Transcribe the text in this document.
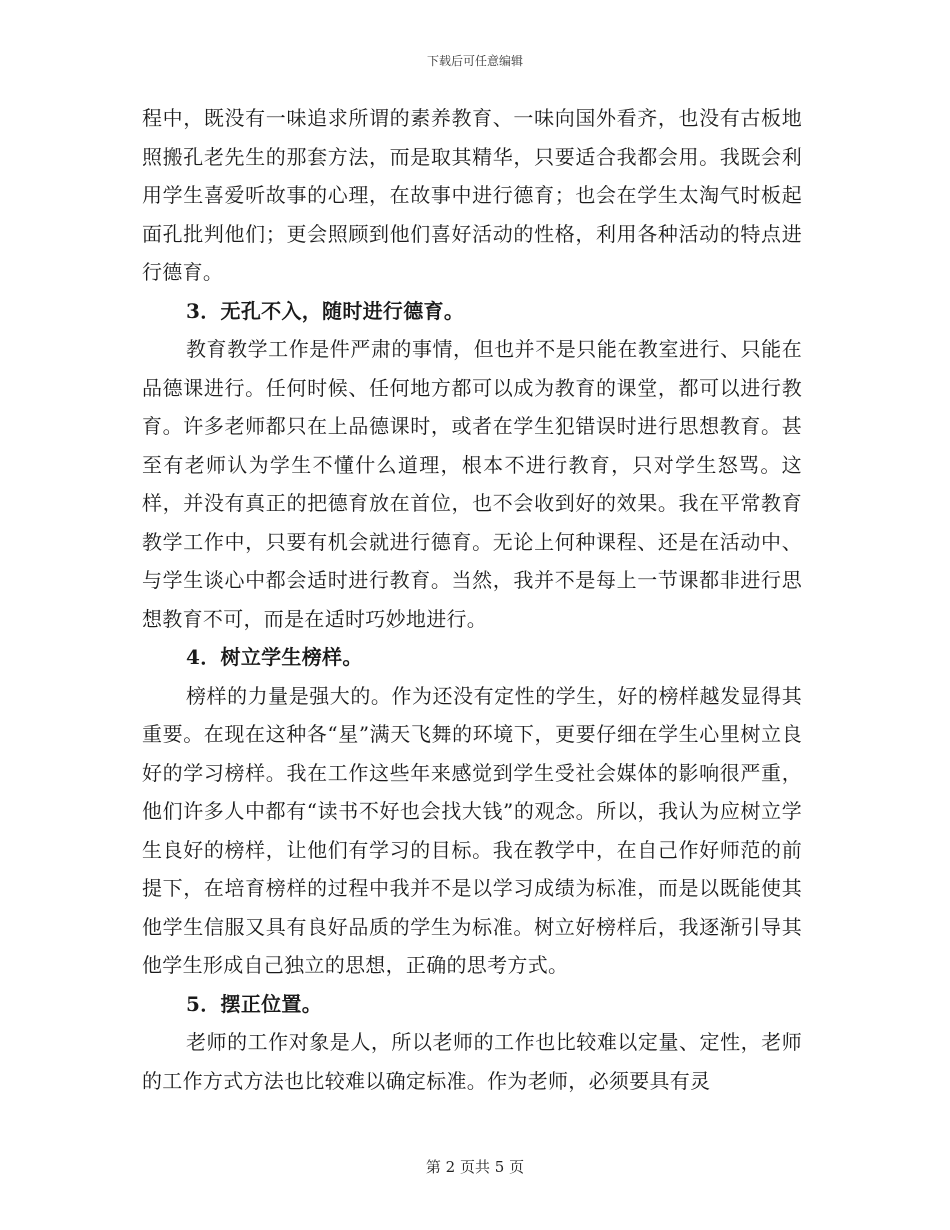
下载后可任意编辑

程中，既没有一味追求所谓的素养教育、一味向国外看齐，也没有古板地照搬孔老先生的那套方法，而是取其精华，只要适合我都会用。我既会利用学生喜爱听故事的心理，在故事中进行德育；也会在学生太淘气时板起面孔批判他们；更会照顾到他们喜好活动的性格，利用各种活动的特点进行德育。

3．无孔不入，随时进行德育。

教育教学工作是件严肃的事情，但也并不是只能在教室进行、只能在品德课进行。任何时候、任何地方都可以成为教育的课堂，都可以进行教育。许多老师都只在上品德课时，或者在学生犯错误时进行思想教育。甚至有老师认为学生不懂什么道理，根本不进行教育，只对学生怒骂。这样，并没有真正的把德育放在首位，也不会收到好的效果。我在平常教育教学工作中，只要有机会就进行德育。无论上何种课程、还是在活动中、与学生谈心中都会适时进行教育。当然，我并不是每上一节课都非进行思想教育不可，而是在适时巧妙地进行。

4．树立学生榜样。

榜样的力量是强大的。作为还没有定性的学生，好的榜样越发显得其重要。在现在这种各“星”满天飞舞的环境下，更要仔细在学生心里树立良好的学习榜样。我在工作这些年来感觉到学生受社会媒体的影响很严重，他们许多人中都有“读书不好也会找大钱”的观念。所以，我认为应树立学生良好的榜样，让他们有学习的目标。我在教学中，在自己作好师范的前提下，在培育榜样的过程中我并不是以学习成绩为标准，而是以既能使其他学生信服又具有良好品质的学生为标准。树立好榜样后，我逐渐引导其他学生形成自己独立的思想，正确的思考方式。

5．摆正位置。

老师的工作对象是人，所以老师的工作也比较难以定量、定性，老师的工作方式方法也比较难以确定标准。作为老师，必须要具有灵

第 2 页共 5 页
